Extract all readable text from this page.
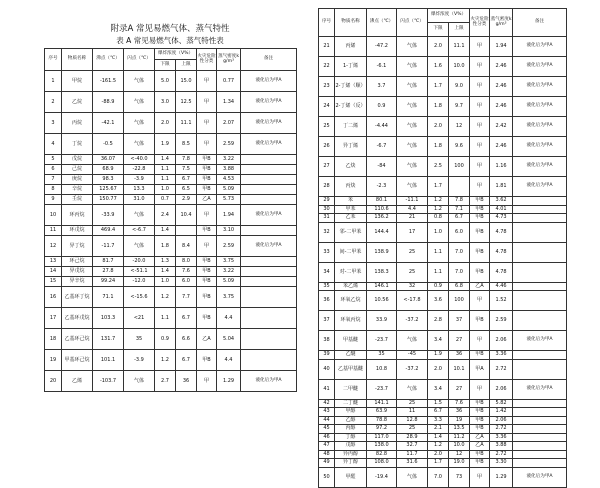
附录A 常见易燃气体、蒸气特性
表 A 常见易燃气体、蒸气特性表
序号	物质名称	沸点（℃）	闪点（℃）	爆炸浓度（V%）		火灾危险性分类	蒸气密度kg/m³	备注
				下限	上限			
1	甲烷	-161.5	气体	5.0	15.0	甲	0.77	液化后为甲A
2	乙烷	-88.9	气体	3.0	12.5	甲	1.34	液化后为甲A
3	丙烷	-42.1	气体	2.0	11.1	甲	2.07	液化后为甲A
4	丁烷	-0.5	气体	1.9	8.5	甲	2.59	液化后为甲A
5	戊烷	36.07	<-40.0	1.4	7.8	甲B	3.22	
6	己烷	68.9	-22.8	1.1	7.5	甲B	3.88	
7	庚烷	98.3	-3.9	1.1	6.7	甲B	4.53	
8	辛烷	125.67	13.3	1.0	6.5	甲B	5.09	
9	壬烷	150.77	31.0	0.7	2.9	乙A	5.73	
10	环丙烷	-33.9	气体	2.4	10.4	甲	1.94	液化后为甲A
11	环戊烷	469.4	<-6.7	1.4		甲B	3.10	
12	异丁烷	-11.7	气体	1.8	8.4	甲	2.59	液化后为甲A
13	环己烷	81.7	-20.0	1.3	8.0	甲B	3.75	
14	异戊烷	27.8	<-51.1	1.4	7.6	甲B	3.22	
15	异辛烷	99.24	-12.0	1.0	6.0	甲B	5.09	
16	乙基环丁烷	71.1	<-15.6	1.2	7.7	甲B	3.75	
17	乙基环戊烷	103.3	<21	1.1	6.7	甲B	4.4	
18	乙基环己烷	131.7	35	0.9	6.6	乙A	5.04	
19	甲基环己烷	101.1	-3.9	1.2	6.7	甲B	4.4	
20	乙烯	-103.7	气体	2.7	36	甲	1.29	液化后为甲A
序号	物质名称	沸点（℃）	闪点（℃）	爆炸浓度（V%）		火灾危险性分类	蒸气密度kg/m³	备注
				下限	上限			
21	丙烯	-47.2	气体	2.0	11.1	甲	1.94	液化后为甲A
22	1-丁烯	-6.1	气体	1.6	10.0	甲	2.46	液化后为甲A
23	2-丁烯（顺）	3.7	气体	1.7	9.0	甲	2.46	液化后为甲A
24	2-丁烯（反）	0.9	气体	1.8	9.7	甲	2.46	液化后为甲A
25	丁二烯	-4.44	气体	2.0	12	甲	2.42	液化后为甲A
26	异丁烯	-6.7	气体	1.8	9.6	甲	2.46	液化后为甲A
27	乙炔	-84	气体	2.5	100	甲	1.16	液化后为甲A
28	丙炔	-2.3	气体	1.7		甲	1.81	液化后为甲A
29	苯	80.1	-11.1	1.2	7.8	甲B	3.62	
30	甲苯	110.6	4.4	1.2	7.1	甲B	4.01	
31	乙苯	136.2	21	0.8	6.7	甲B	4.73	
32	邻-二甲苯	144.4	17	1.0	6.0	甲B	4.78	
33	间-二甲苯	138.9	25	1.1	7.0	甲B	4.78	
34	对-二甲苯	138.3	25	1.1	7.0	甲B	4.78	
35	苯乙烯	146.1	32	0.9	6.8	乙A	4.46	
36	环氧乙烷	10.56	<-17.8	3.6	100	甲	1.52	
37	环氧丙烷	33.9	-37.2	2.8	37	甲B	2.59	
38	甲基醚	-23.7	气体	3.4	27	甲	2.06	液化后为甲A
39	乙醚	35	-45	1.9	36	甲B	3.36	
40	乙基甲基醚	10.8	-37.2	2.0	10.1	甲A	2.72	
41	二甲醚	-23.7	气体	3.4	27	甲	2.06	液化后为甲A
42	二丁醚	141.1	25	1.5	7.6	甲B	5.82	
43	甲醇	63.9	11	6.7	36	甲B	1.42	
44	乙醇	78.8	12.8	3.3	19	甲B	2.06	
45	丙醇	97.2	25	2.1	13.5	甲B	2.72	
46	丁醇	117.0	28.9	1.4	11.2	乙A	3.36	
47	戊醇	138.0	32.7	1.2	10.0	乙A	3.88	
48	异丙醇	82.8	11.7	2.0	12	甲B	2.72	
49	异丁醇	108.0	31.6	1.7	19.0	甲B	3.30	
50	甲醛	-19.4	气体	7.0	73	甲	1.29	液化后为甲A
